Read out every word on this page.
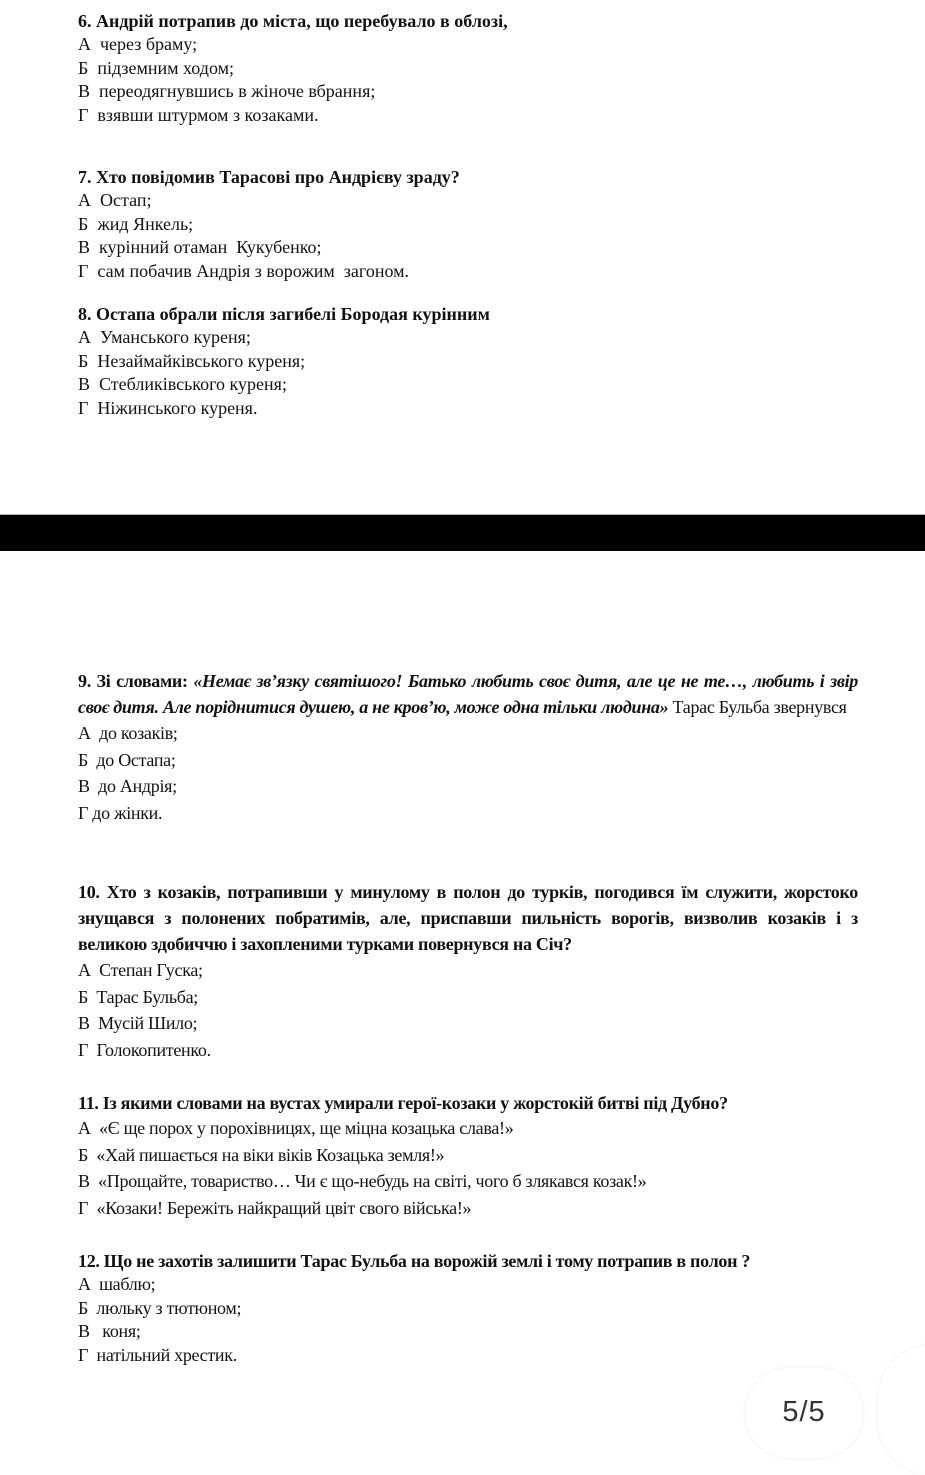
6. Андрій потрапив до міста, що перебувало в облозі,

А  через браму;

Б  підземним ходом;

В  переодягнувшись в жіноче вбрання;

Г  взявши штурмом з козаками.

7. Хто повідомив Тарасові про Андрієву зраду?

А  Остап;

Б  жид Янкель;

В  курінний отаман  Кукубенко;

Г  сам побачив Андрія з ворожим  загоном.

8. Остапа обрали після загибелі Бородая курінним

А  Уманського куреня;

Б  Незаймайківського куреня;

В  Стебликівського куреня;

Г  Ніжинського куреня.

9. Зі словами: «Немає зв’язку святішого! Батько любить своє дитя, але це не те…, любить і звір своє дитя. Але поріднитися душею, а не кров’ю, може одна тільки людина» Тарас Бульба звернувся

А  до козаків;

Б  до Остапа;

В  до Андрія;

Г до жінки.

10. Хто з козаків, потрапивши у минулому в полон до турків, погодився їм служити, жорстоко знущався з полонених побратимів, але, приспавши пильність ворогів, визволив козаків і з великою здобиччю і захопленими турками повернувся на Січ?

А  Степан Гуска;

Б  Тарас Бульба;

В  Мусій Шило;

Г  Голокопитенко.

11. Із якими словами на вустах умирали герої-козаки у жорстокій битві під Дубно?

А  «Є ще порох у порохівницях, ще міцна козацька слава!»

Б  «Хай пишається на віки віків Козацька земля!»

В  «Прощайте, товариство… Чи є що-небудь на світі, чого б злякався козак!»

Г  «Козаки! Бережіть найкращий цвіт свого війська!»

12. Що не захотів залишити Тарас Бульба на ворожій землі і тому потрапив в полон ?

А  шаблю;

Б  люльку з тютюном;

В   коня;

Г  натільний хрестик.

5/5
